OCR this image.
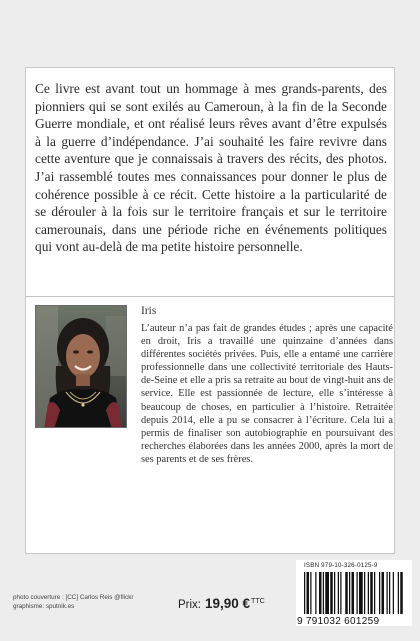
Ce livre est avant tout un hommage à mes grands-parents, des pionniers qui se sont exilés au Cameroun, à la fin de la Seconde Guerre mondiale, et ont réalisé leurs rêves avant d’être expulsés à la guerre d’indépendance. J’ai souhaité les faire revivre dans cette aventure que je connaissais à travers des récits, des photos. J’ai rassemblé toutes mes connaissances pour donner le plus de cohérence possible à ce récit. Cette histoire a la particularité de se dérouler à la fois sur le territoire français et sur le territoire camerounais, dans une période riche en événements politiques qui vont au-delà de ma petite histoire personnelle.

Iris

L’auteur n’a pas fait de grandes études ; après une capacité en droit, Iris a travaillé une quinzaine d’années dans différentes sociétés privées. Puis, elle a entamé une carrière professionnelle dans une collectivité territoriale des Hauts-de-Seine et elle a pris sa retraite au bout de vingt-huit ans de service. Elle est passionnée de lecture, elle s’intéresse à beaucoup de choses, en particulier à l’histoire. Retraitée depuis 2014, elle a pu se consacrer à l’écriture. Cela lui a permis de finaliser son autobiographie en poursuivant des recherches élaborées dans les années 2000, après la mort de ses parents et de ses frères.

photo couverture : [CC] Carlos Reis @flickr
graphisme: sputnik.es	Prix: 19,90 €$^{TTC}$
ISBN 979-10-326-0125-9
9 791032 601259
